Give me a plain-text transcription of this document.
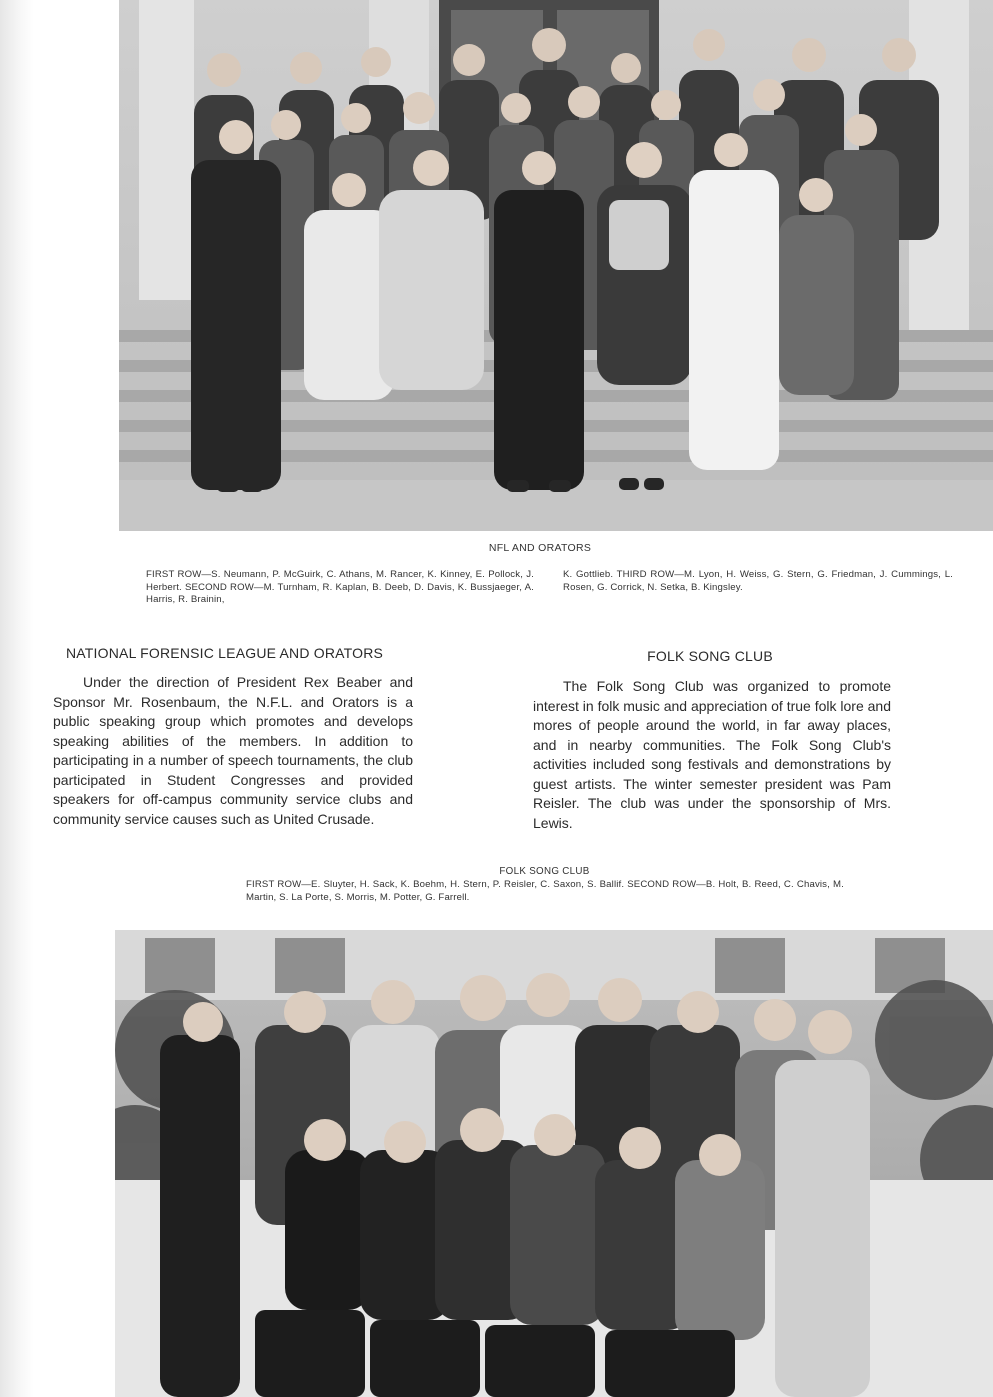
NFL AND ORATORS
FIRST ROW—S. Neumann, P. McGuirk, C. Athans, M. Rancer, K. Kinney, E. Pollock, J. Herbert. SECOND ROW—M. Turnham, R. Kaplan, B. Deeb, D. Davis, K. Bussjaeger, A. Harris, R. Brainin,
K. Gottlieb. THIRD ROW—M. Lyon, H. Weiss, G. Stern, G. Friedman, J. Cummings, L. Rosen, G. Corrick, N. Setka, B. Kingsley.
NATIONAL FORENSIC LEAGUE AND ORATORS
Under the direction of President Rex Beaber and Sponsor Mr. Rosenbaum, the N.F.L. and Orators is a public speaking group which promotes and develops speaking abilities of the members. In addition to participating in a number of speech tournaments, the club participated in Student Congresses and provided speakers for off-campus community service clubs and community service causes such as United Crusade.
FOLK SONG CLUB
The Folk Song Club was organized to promote interest in folk music and appreciation of true folk lore and mores of people around the world, in far away places, and in nearby communities. The Folk Song Club's activities included song festivals and demonstrations by guest artists. The winter semester president was Pam Reisler. The club was under the sponsorship of Mrs. Lewis.
FOLK SONG CLUB
FIRST ROW—E. Sluyter, H. Sack, K. Boehm, H. Stern, P. Reisler, C. Saxon, S. Ballif. SECOND ROW—B. Holt, B. Reed, C. Chavis, M. Martin, S. La Porte, S. Morris, M. Potter, G. Farrell.
